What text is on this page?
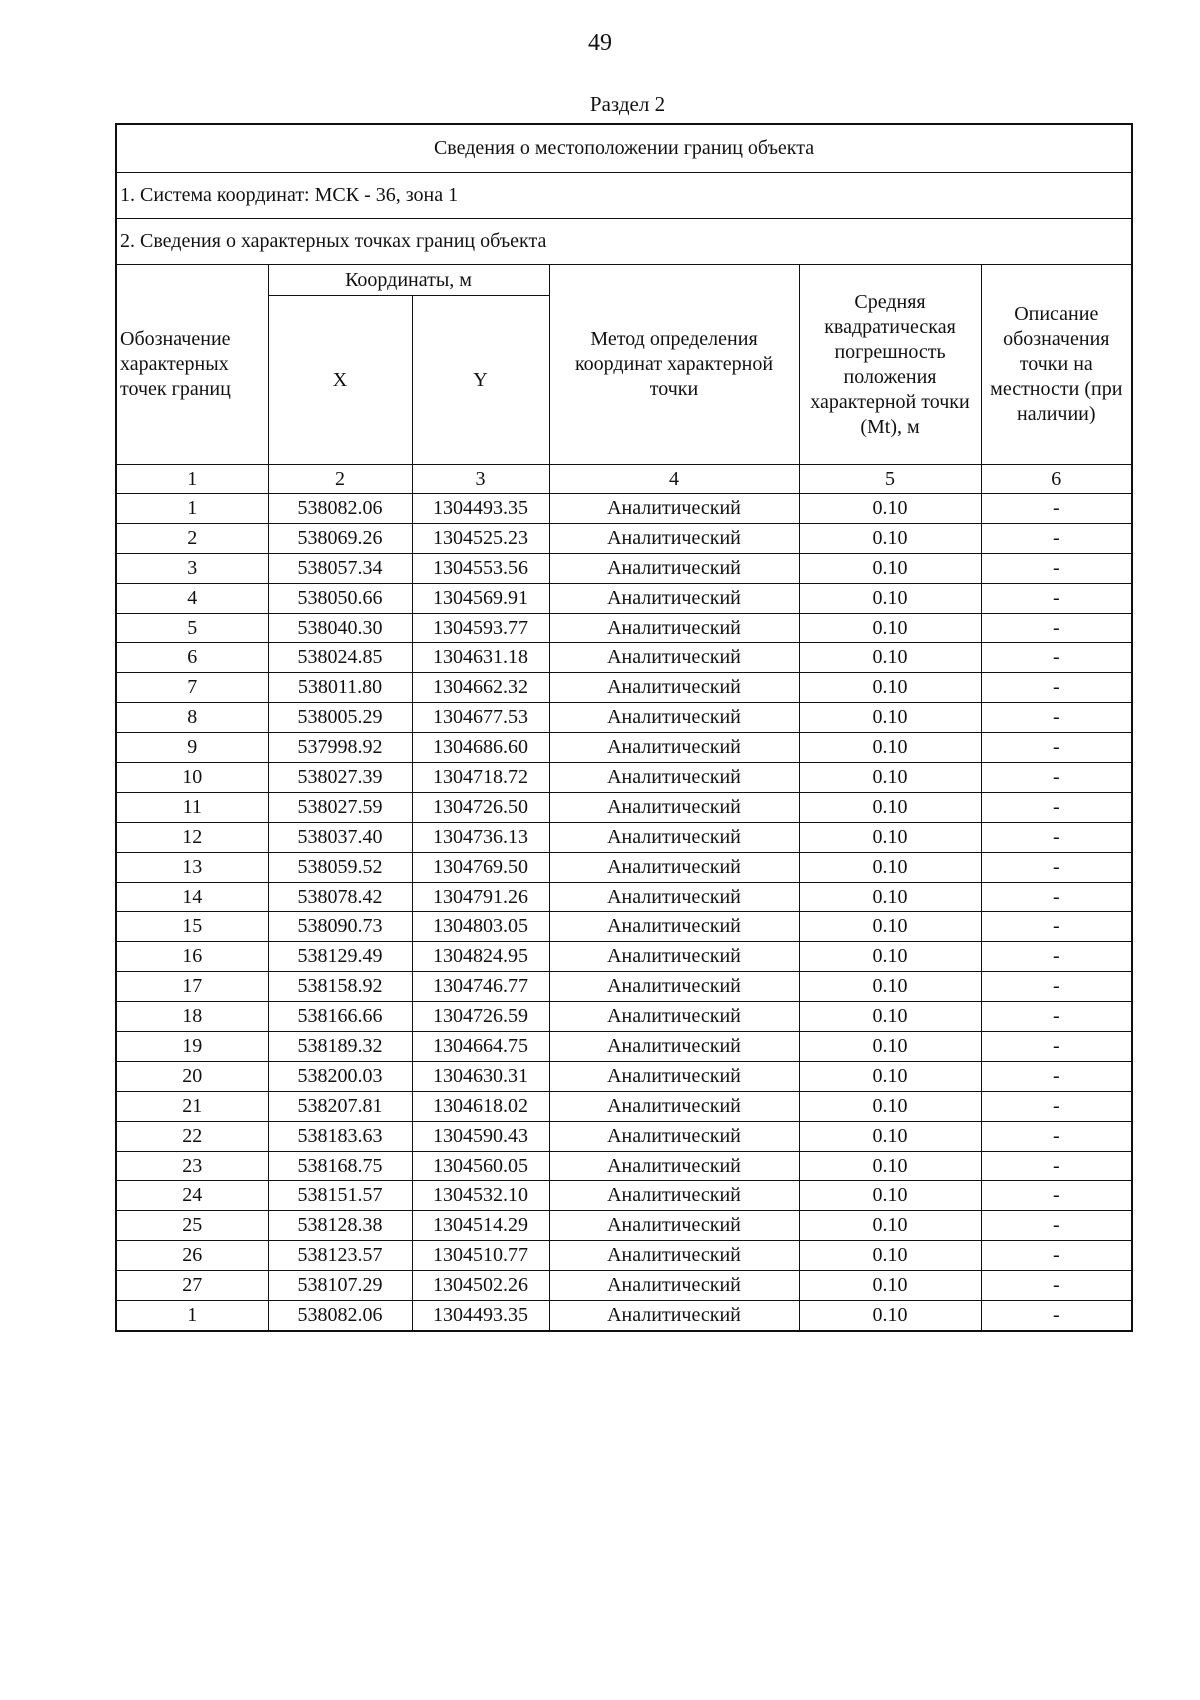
49
Раздел 2
Сведения о местоположении границ объекта					
1. Система координат: МСК - 36, зона 1					
2. Сведения о характерных точках границ объекта					
Обозначение характерных точек границ	Координаты, м		Метод определения координат характерной точки	Средняя квадратическая погрешность положения характерной точки (Mt), м	Описание обозначения точки на местности (при наличии)
	X	Y			
1	2	3	4	5	6
1	538082.06	1304493.35	Аналитический	0.10	-
2	538069.26	1304525.23	Аналитический	0.10	-
3	538057.34	1304553.56	Аналитический	0.10	-
4	538050.66	1304569.91	Аналитический	0.10	-
5	538040.30	1304593.77	Аналитический	0.10	-
6	538024.85	1304631.18	Аналитический	0.10	-
7	538011.80	1304662.32	Аналитический	0.10	-
8	538005.29	1304677.53	Аналитический	0.10	-
9	537998.92	1304686.60	Аналитический	0.10	-
10	538027.39	1304718.72	Аналитический	0.10	-
11	538027.59	1304726.50	Аналитический	0.10	-
12	538037.40	1304736.13	Аналитический	0.10	-
13	538059.52	1304769.50	Аналитический	0.10	-
14	538078.42	1304791.26	Аналитический	0.10	-
15	538090.73	1304803.05	Аналитический	0.10	-
16	538129.49	1304824.95	Аналитический	0.10	-
17	538158.92	1304746.77	Аналитический	0.10	-
18	538166.66	1304726.59	Аналитический	0.10	-
19	538189.32	1304664.75	Аналитический	0.10	-
20	538200.03	1304630.31	Аналитический	0.10	-
21	538207.81	1304618.02	Аналитический	0.10	-
22	538183.63	1304590.43	Аналитический	0.10	-
23	538168.75	1304560.05	Аналитический	0.10	-
24	538151.57	1304532.10	Аналитический	0.10	-
25	538128.38	1304514.29	Аналитический	0.10	-
26	538123.57	1304510.77	Аналитический	0.10	-
27	538107.29	1304502.26	Аналитический	0.10	-
1	538082.06	1304493.35	Аналитический	0.10	-
